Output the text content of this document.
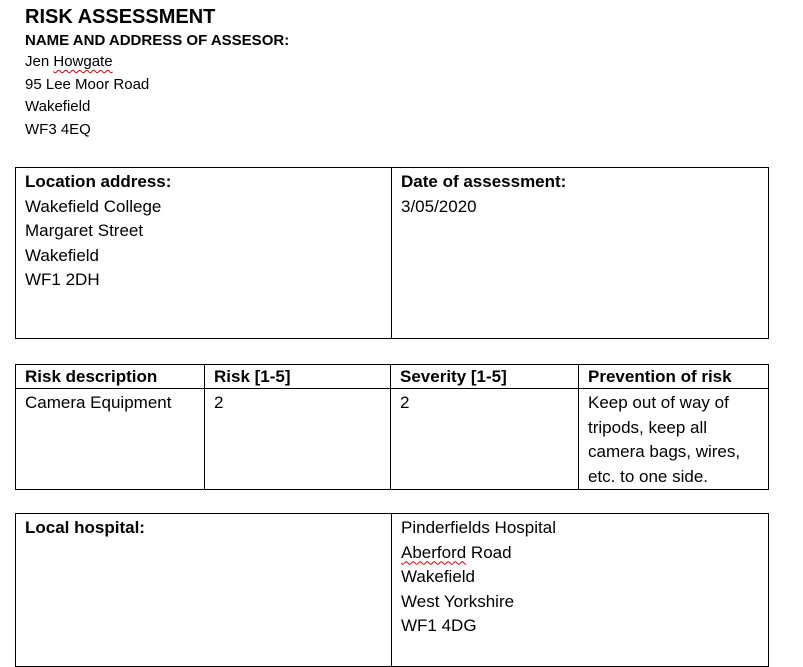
RISK ASSESSMENT
NAME AND ADDRESS OF ASSESOR:
Jen Howgate
95 Lee Moor Road
Wakefield
WF3 4EQ
Location address:
Wakefield College
Margaret Street
Wakefield
WF1 2DH

Date of assessment:
3/05/2020
Risk description	Risk [1-5]	Severity [1-5]	Prevention of risk
Camera Equipment	2	2	Keep out of way of
tripods, keep all
camera bags, wires,
etc. to one side.
Local hospital:	Pinderfields Hospital
Aberford Road
Wakefield
West Yorkshire
WF1 4DG
